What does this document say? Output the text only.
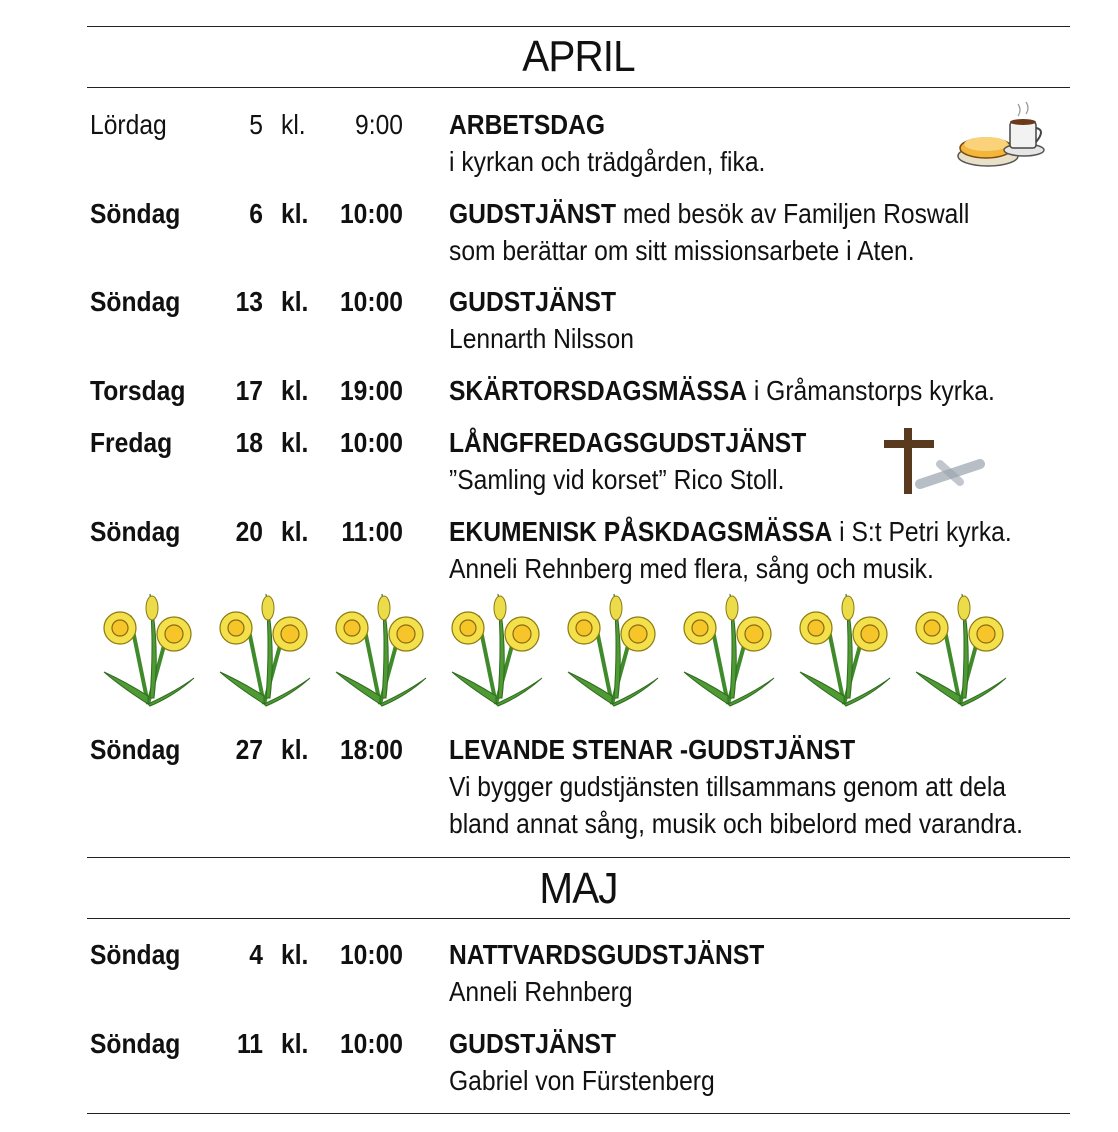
APRIL
Lördag	5 kl.	9:00 ARBETSDAG
i kyrkan och trädgården, fika.
Söndag	6 kl.	10:00 GUDSTJÄNST med besök av Familjen Roswall
som berättar om sitt missionsarbete i Aten.
Söndag	13 kl.	10:00 GUDSTJÄNST
Lennarth Nilsson
Torsdag	17 kl.	19:00 SKÄRTORSDAGSMÄSSA i Gråmanstorps kyrka.
Fredag	18 kl.	10:00 LÅNGFREDAGSGUDSTJÄNST
”Samling vid korset” Rico Stoll.
Söndag	20 kl.	11:00 EKUMENISK PÅSKDAGSMÄSSA i S:t Petri kyrka.
Anneli Rehnberg med flera, sång och musik.
Söndag	27 kl.	18:00 LEVANDE STENAR -GUDSTJÄNST
Vi bygger gudstjänsten tillsammans genom att dela
bland annat sång, musik och bibelord med varandra.
MAJ
Söndag	4 kl.	10:00 NATTVARDSGUDSTJÄNST
Anneli Rehnberg
Söndag	11 kl.	10:00 GUDSTJÄNST
Gabriel von Fürstenberg
